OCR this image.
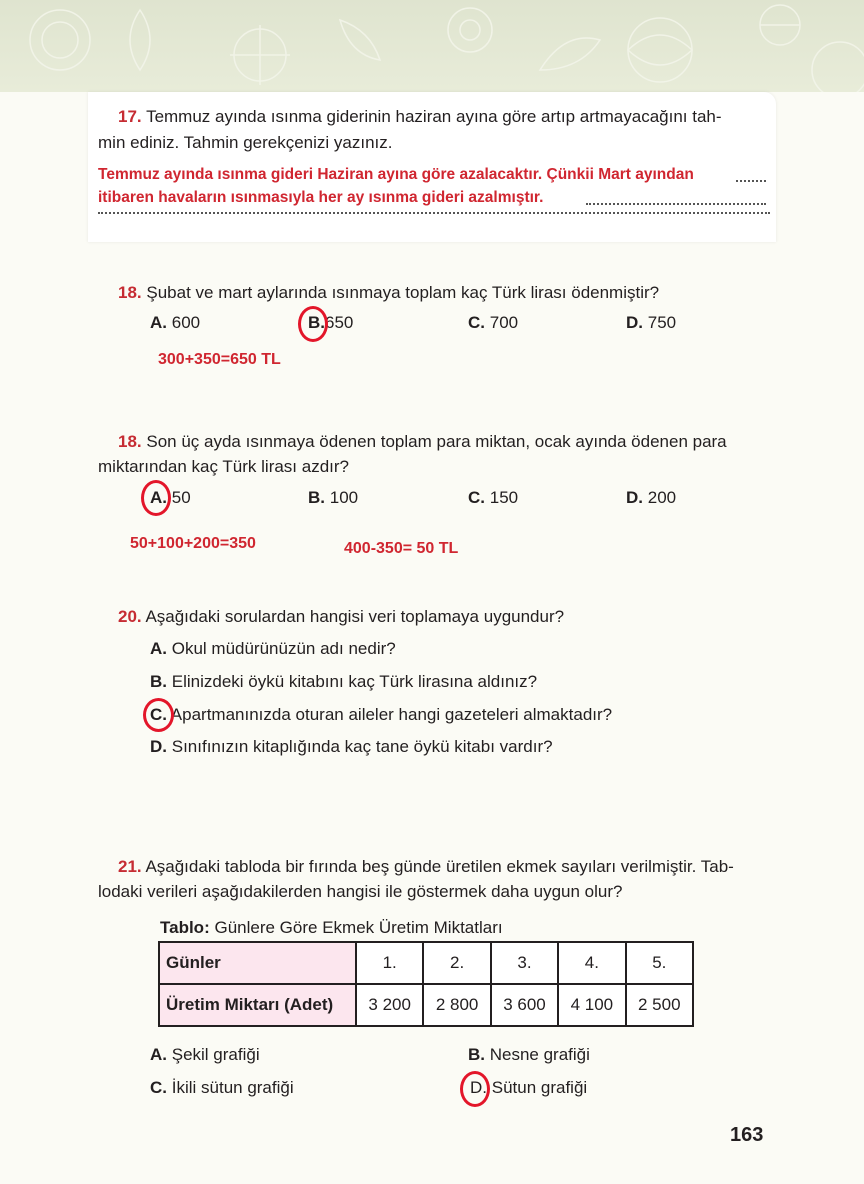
17. Temmuz ayında ısınma giderinin haziran ayına göre artıp artmayacağını tah-
min ediniz. Tahmin gerekçenizi yazınız.
Temmuz ayında ısınma gideri Haziran ayına göre azalacaktır. Çünkii Mart ayından
itibaren havaların ısınmasıyla her ay ısınma gideri azalmıştır.
18. Şubat ve mart aylarında ısınmaya toplam kaç Türk lirası ödenmiştir?
A. 600	B.650	C. 700	D. 750
300+350=650 TL
18. Son üç ayda ısınmaya ödenen toplam para miktan, ocak ayında ödenen para
miktarından kaç Türk lirası azdır?
A. 50	B. 100	C. 150	D. 200
50+100+200=350	400-350= 50 TL
20. Aşağıdaki sorulardan hangisi veri toplamaya uygundur?
A. Okul müdürünüzün adı nedir?
B. Elinizdeki öykü kitabını kaç Türk lirasına aldınız?
C. Apartmanınızda oturan aileler hangi gazeteleri almaktadır?
D. Sınıfınızın kitaplığında kaç tane öykü kitabı vardır?
21. Aşağıdaki tabloda bir fırında beş günde üretilen ekmek sayıları verilmiştir. Tab-
lodaki verileri aşağıdakilerden hangisi ile göstermek daha uygun olur?
Tablo: Günlere Göre Ekmek Üretim Miktatları
Günler	1.	2.	3.	4.	5.
Üretim Miktarı (Adet)	3 200	2 800	3 600	4 100	2 500
A. Şekil grafiği	B. Nesne grafiği
C. İkili sütun grafiği	D. Sütun grafiği
163
